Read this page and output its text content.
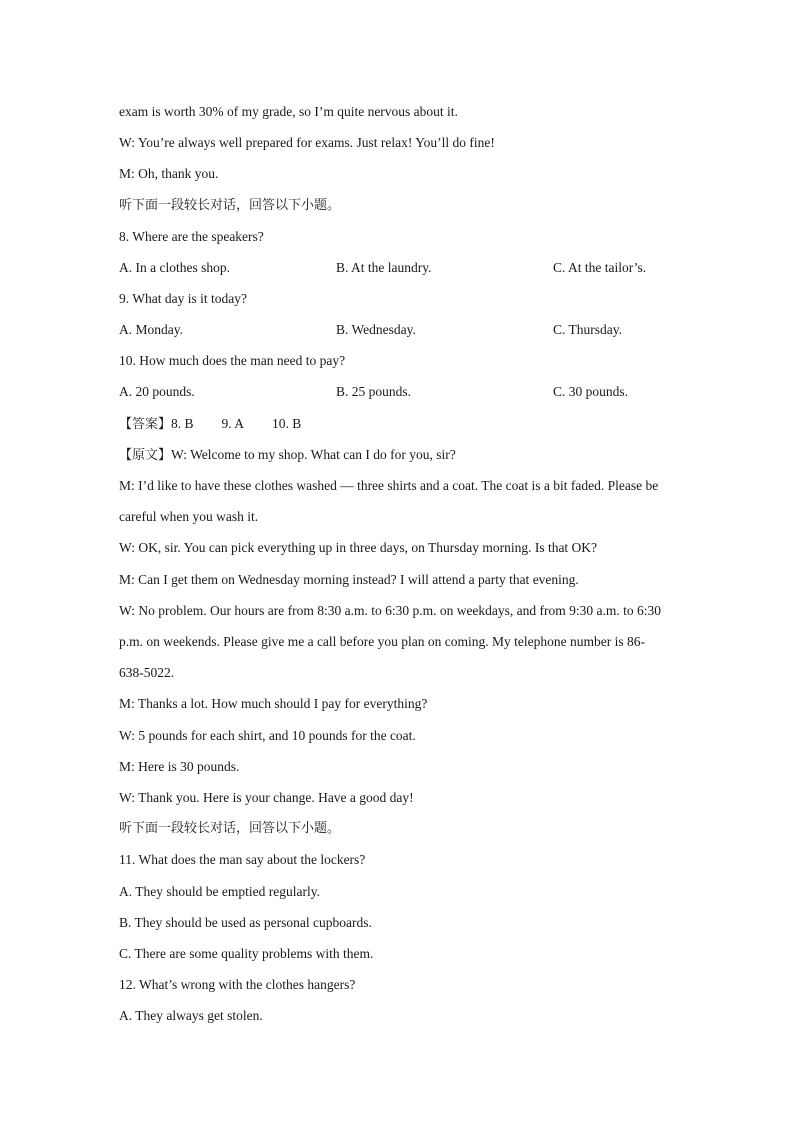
exam is worth 30% of my grade, so I’m quite nervous about it.
W: You’re always well prepared for exams. Just relax! You’ll do fine!
M: Oh, thank you.
听下面一段较长对话，回答以下小题。
8. Where are the speakers?
A. In a clothes shop.	B. At the laundry.	C. At the tailor’s.
9. What day is it today?
A. Monday.	B. Wednesday.	C. Thursday.
10. How much does the man need to pay?
A. 20 pounds.	B. 25 pounds.	C. 30 pounds.
【答案】8. B 9. A 10. B
【原文】W: Welcome to my shop. What can I do for you, sir?
M: I’d like to have these clothes washed — three shirts and a coat. The coat is a bit faded. Please be
careful when you wash it.
W: OK, sir. You can pick everything up in three days, on Thursday morning. Is that OK?
M: Can I get them on Wednesday morning instead? I will attend a party that evening.
W: No problem. Our hours are from 8:30 a.m. to 6:30 p.m. on weekdays, and from 9:30 a.m. to 6:30
p.m. on weekends. Please give me a call before you plan on coming. My telephone number is 86-
638-5022.
M: Thanks a lot. How much should I pay for everything?
W: 5 pounds for each shirt, and 10 pounds for the coat.
M: Here is 30 pounds.
W: Thank you. Here is your change. Have a good day!
听下面一段较长对话，回答以下小题。
11. What does the man say about the lockers?
A. They should be emptied regularly.
B. They should be used as personal cupboards.
C. There are some quality problems with them.
12. What’s wrong with the clothes hangers?
A. They always get stolen.
